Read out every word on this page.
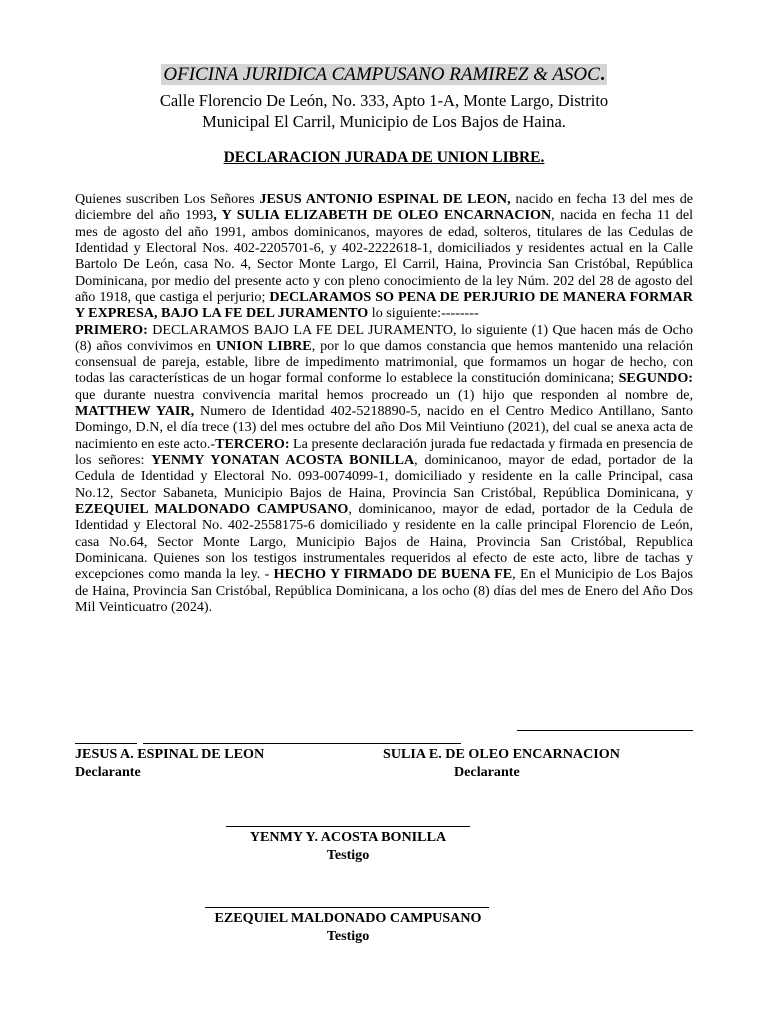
OFICINA JURIDICA CAMPUSANO RAMIREZ & ASOC.
Calle Florencio De León, No. 333, Apto 1-A, Monte Largo, Distrito
Municipal El Carril, Municipio de Los Bajos de Haina.
DECLARACION JURADA DE UNION LIBRE.
Quienes suscriben Los Señores JESUS ANTONIO ESPINAL DE LEON, nacido en fecha 13 del mes de diciembre del año 1993, Y SULIA ELIZABETH DE OLEO ENCARNACION, nacida en fecha 11 del mes de agosto del año 1991, ambos dominicanos, mayores de edad, solteros, titulares de las Cedulas de Identidad y Electoral Nos. 402-2205701-6, y 402-2222618-1, domiciliados y residentes actual en la Calle Bartolo De León, casa No. 4, Sector Monte Largo, El Carril, Haina, Provincia San Cristóbal, República Dominicana, por medio del presente acto y con pleno conocimiento de la ley Núm. 202 del 28 de agosto del año 1918, que castiga el perjurio; DECLARAMOS SO PENA DE PERJURIO DE MANERA FORMAR Y EXPRESA, BAJO LA FE DEL JURAMENTO lo siguiente:--------
PRIMERO: DECLARAMOS BAJO LA FE DEL JURAMENTO, lo siguiente (1) Que hacen más de Ocho (8) años convivimos en UNION LIBRE, por lo que damos constancia que hemos mantenido una relación consensual de pareja, estable, libre de impedimento matrimonial, que formamos un hogar de hecho, con todas las características de un hogar formal conforme lo establece la constitución dominicana; SEGUNDO: que durante nuestra convivencia marital hemos procreado un (1) hijo que responden al nombre de, MATTHEW YAIR, Numero de Identidad 402-5218890-5, nacido en el Centro Medico Antillano, Santo Domingo, D.N, el día trece (13) del mes octubre del año Dos Mil Veintiuno (2021), del cual se anexa acta de nacimiento en este acto.-TERCERO: La presente declaración jurada fue redactada y firmada en presencia de los señores: YENMY YONATAN ACOSTA BONILLA, dominicanoo, mayor de edad, portador de la Cedula de Identidad y Electoral No. 093-0074099-1, domiciliado y residente en la calle Principal, casa No.12, Sector Sabaneta, Municipio Bajos de Haina, Provincia San Cristóbal, República Dominicana, y EZEQUIEL MALDONADO CAMPUSANO, dominicanoo, mayor de edad, portador de la Cedula de Identidad y Electoral No. 402-2558175-6 domiciliado y residente en la calle principal Florencio de León, casa No.64, Sector Monte Largo, Municipio Bajos de Haina, Provincia San Cristóbal, Republica Dominicana. Quienes son los testigos instrumentales requeridos al efecto de este acto, libre de tachas y excepciones como manda la ley. - HECHO Y FIRMADO DE BUENA FE, En el Municipio de Los Bajos de Haina, Provincia San Cristóbal, República Dominicana, a los ocho (8) días del mes de Enero del Año Dos Mil Veinticuatro (2024).
JESUS A. ESPINAL DE LEON
Declarante
SULIA E. DE OLEO ENCARNACION
Declarante
YENMY Y. ACOSTA BONILLA
Testigo
EZEQUIEL MALDONADO CAMPUSANO
Testigo
